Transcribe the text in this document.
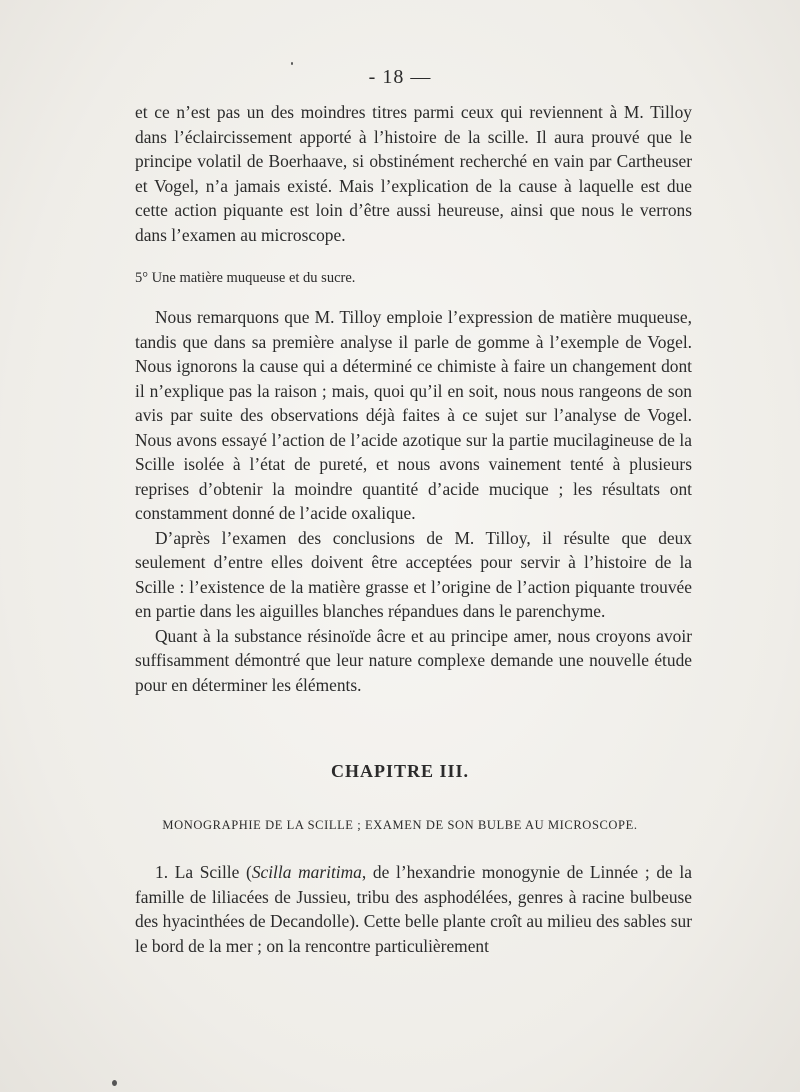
- 18 —

et ce n’est pas un des moindres titres parmi ceux qui reviennent à M. Tilloy dans l’éclaircissement apporté à l’histoire de la scille. Il aura prouvé que le principe volatil de Boerhaave, si obstinément recherché en vain par Cartheuser et Vogel, n’a jamais existé. Mais l’explication de la cause à laquelle est due cette action piquante est loin d’être aussi heureuse, ainsi que nous le verrons dans l’examen au microscope.

5° Une matière muqueuse et du sucre.

Nous remarquons que M. Tilloy emploie l’expression de matière muqueuse, tandis que dans sa première analyse il parle de gomme à l’exemple de Vogel. Nous ignorons la cause qui a déterminé ce chimiste à faire un changement dont il n’explique pas la raison ; mais, quoi qu’il en soit, nous nous rangeons de son avis par suite des observations déjà faites à ce sujet sur l’analyse de Vogel. Nous avons essayé l’action de l’acide azotique sur la partie mucilagineuse de la Scille isolée à l’état de pureté, et nous avons vainement tenté à plusieurs reprises d’obtenir la moindre quantité d’acide mucique ; les résultats ont constamment donné de l’acide oxalique.

D’après l’examen des conclusions de M. Tilloy, il résulte que deux seulement d’entre elles doivent être acceptées pour servir à l’histoire de la Scille : l’existence de la matière grasse et l’origine de l’action piquante trouvée en partie dans les aiguilles blanches répandues dans le parenchyme.

Quant à la substance résinoïde âcre et au principe amer, nous croyons avoir suffisamment démontré que leur nature complexe demande une nouvelle étude pour en déterminer les éléments.

CHAPITRE III.
MONOGRAPHIE DE LA SCILLE ; EXAMEN DE SON BULBE AU MICROSCOPE.

1. La Scille (Scilla maritima, de l’hexandrie monogynie de Linnée ; de la famille de liliacées de Jussieu, tribu des asphodélées, genres à racine bulbeuse des hyacinthées de Decandolle). Cette belle plante croît au milieu des sables sur le bord de la mer ; on la rencontre particulièrement
